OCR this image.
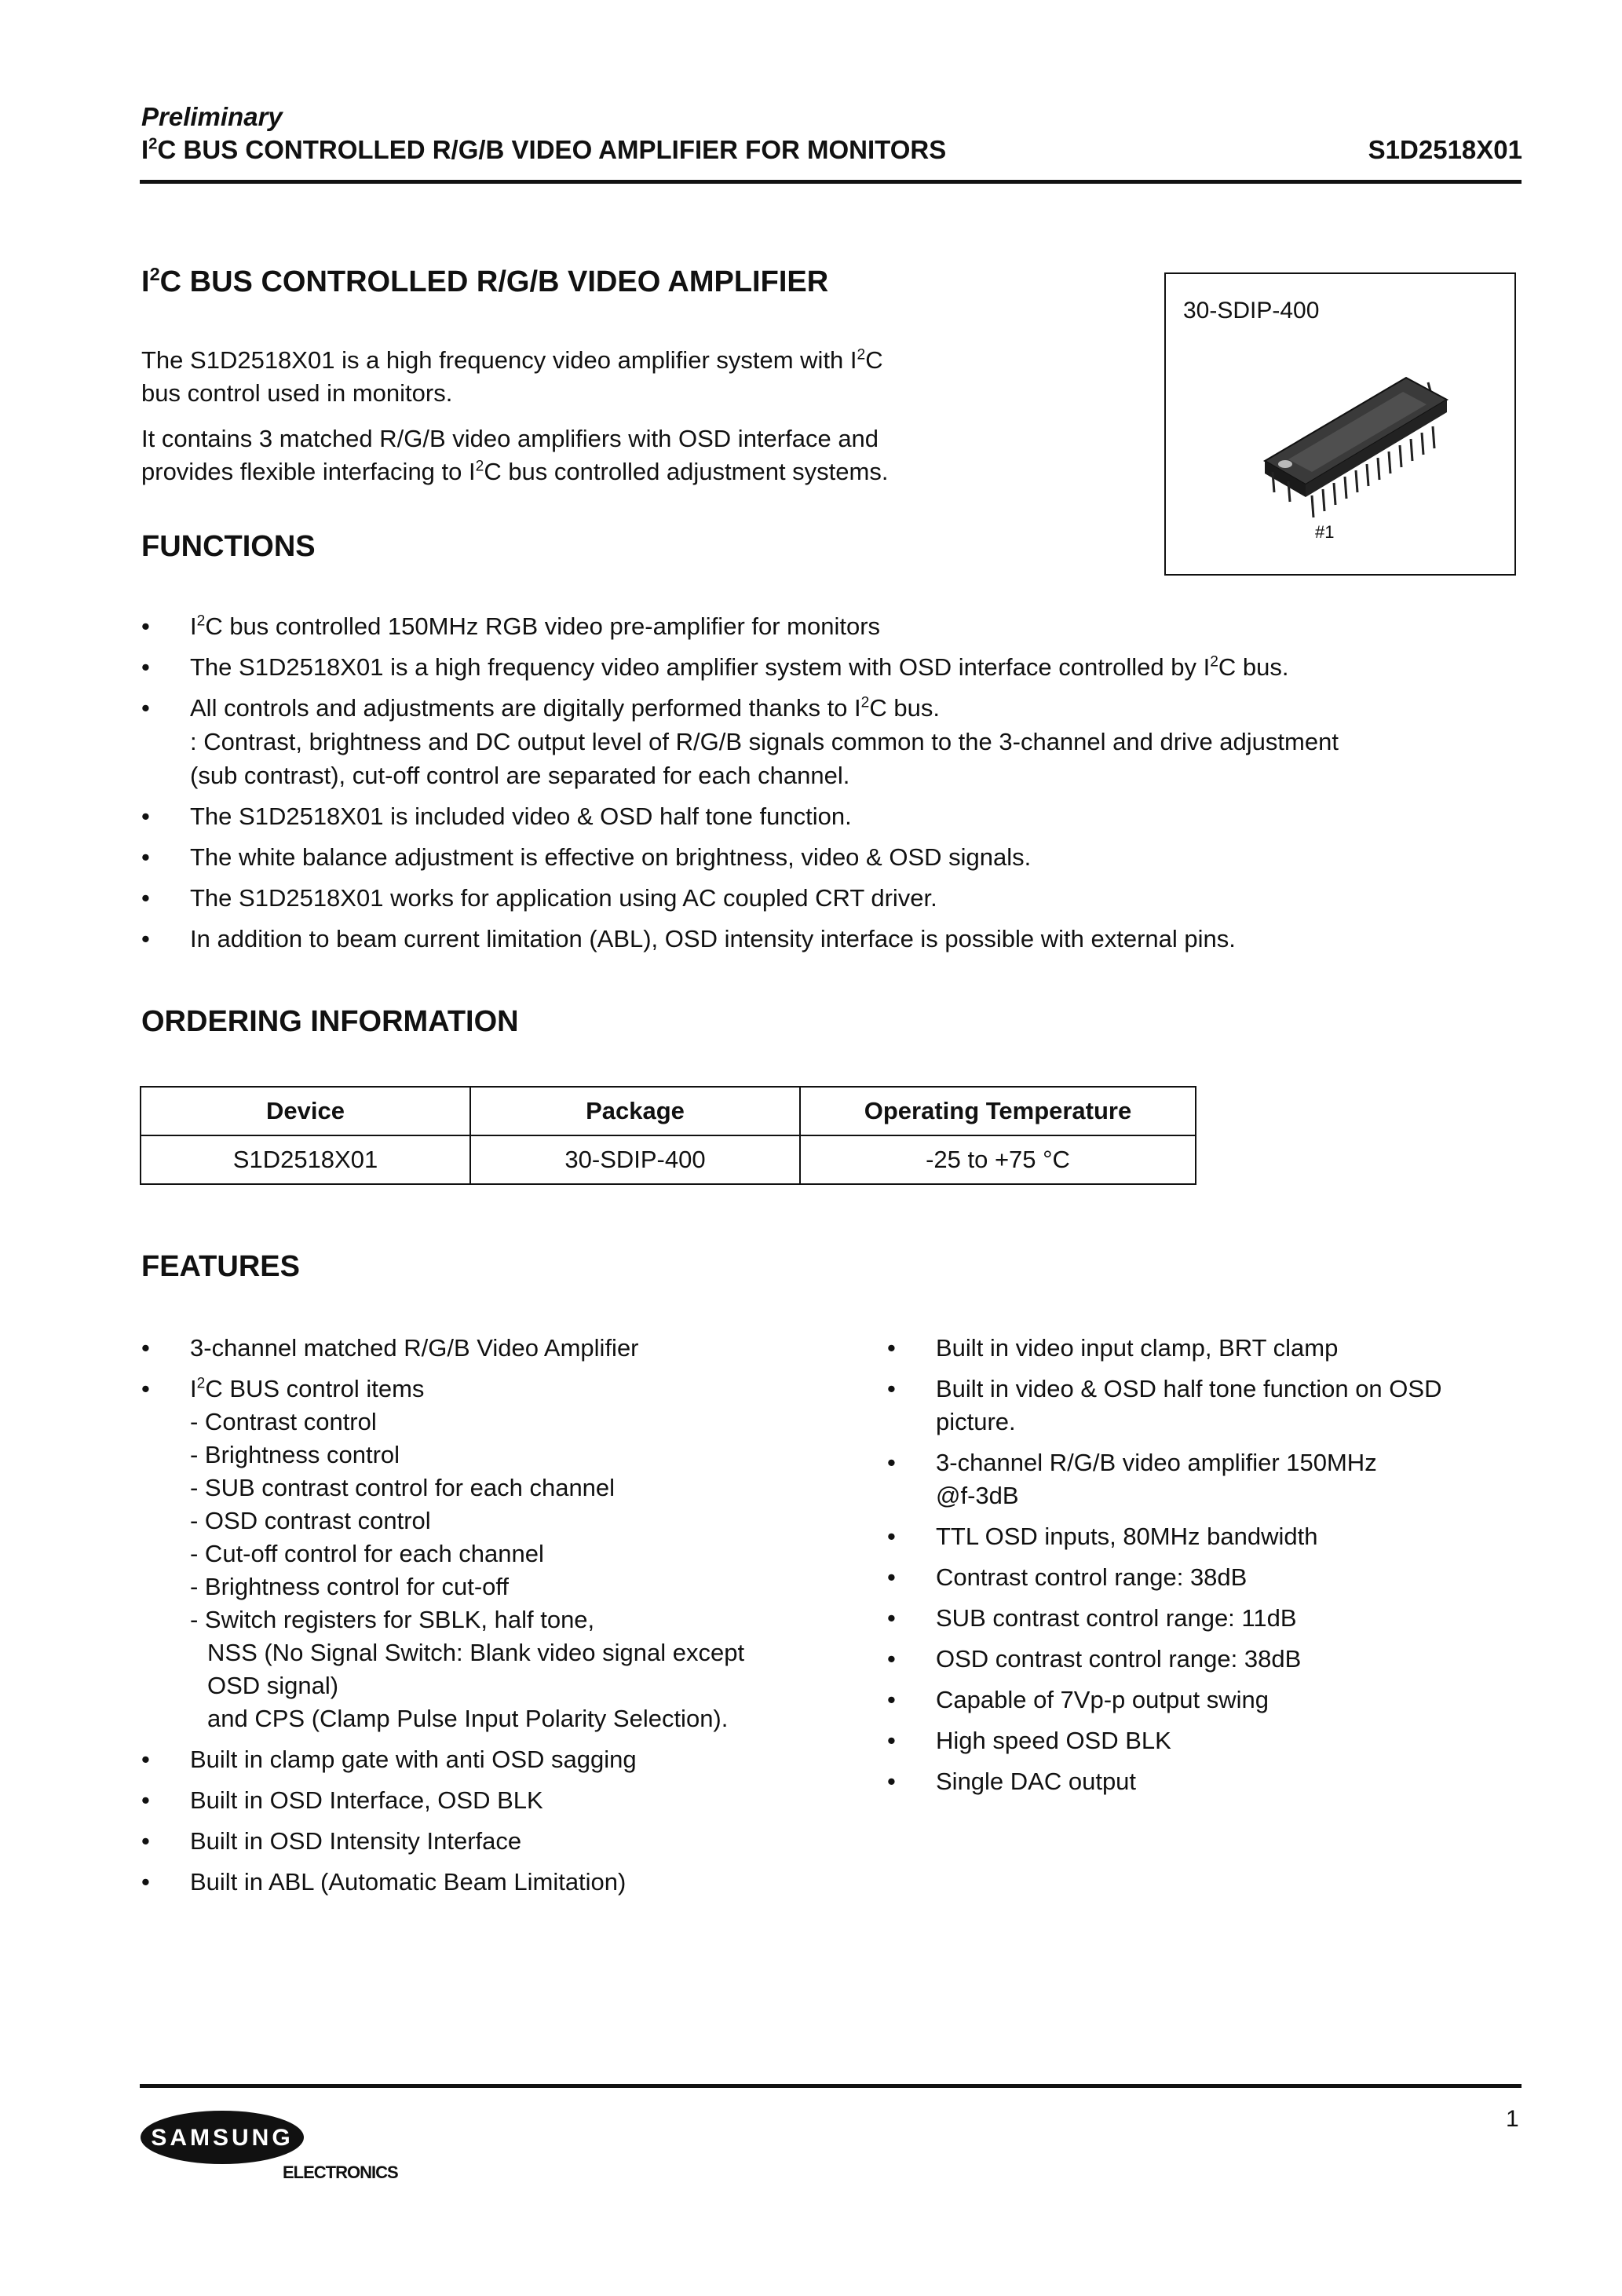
Preliminary
$I^2C$ BUS CONTROLLED R/G/B VIDEO AMPLIFIER FOR MONITORS	S1D2518X01
$I^2C$ BUS CONTROLLED R/G/B VIDEO AMPLIFIER
The S1D2518X01 is a high frequency video amplifier system with $I^2C$
bus control used in monitors.
It contains 3 matched R/G/B video amplifiers with OSD interface and
provides flexible interfacing to $I^2C$ bus controlled adjustment systems.
30-SDIP-400
#1
FUNCTIONS
• $I^2C$ bus controlled 150MHz RGB video pre-amplifier for monitors
• The S1D2518X01 is a high frequency video amplifier system with OSD interface controlled by $I^2C$ bus.
• All controls and adjustments are digitally performed thanks to $I^2C$ bus.
: Contrast, brightness and DC output level of R/G/B signals common to the 3-channel and drive adjustment
(sub contrast), cut-off control are separated for each channel.
• The S1D2518X01 is included video & OSD half tone function.
• The white balance adjustment is effective on brightness, video & OSD signals.
• The S1D2518X01 works for application using AC coupled CRT driver.
• In addition to beam current limitation (ABL), OSD intensity interface is possible with external pins.
ORDERING INFORMATION
Device	Package	Operating Temperature
S1D2518X01	30-SDIP-400	-25 to +75 °C
FEATURES
• 3-channel matched R/G/B Video Amplifier
• $I^2C$ BUS control items
- Contrast control
- Brightness control
- SUB contrast control for each channel
- OSD contrast control
- Cut-off control for each channel
- Brightness control for cut-off
- Switch registers for SBLK, half tone,
NSS (No Signal Switch: Blank video signal except
OSD signal)
and CPS (Clamp Pulse Input Polarity Selection).
• Built in clamp gate with anti OSD sagging
• Built in OSD Interface, OSD BLK
• Built in OSD Intensity Interface
• Built in ABL (Automatic Beam Limitation)
• Built in video input clamp, BRT clamp
• Built in video & OSD half tone function on OSD
picture.
• 3-channel R/G/B video amplifier 150MHz
@f-3dB
• TTL OSD inputs, 80MHz bandwidth
• Contrast control range: 38dB
• SUB contrast control range: 11dB
• OSD contrast control range: 38dB
• Capable of 7Vp-p output swing
• High speed OSD BLK
• Single DAC output
SAMSUNG
ELECTRONICS
1
